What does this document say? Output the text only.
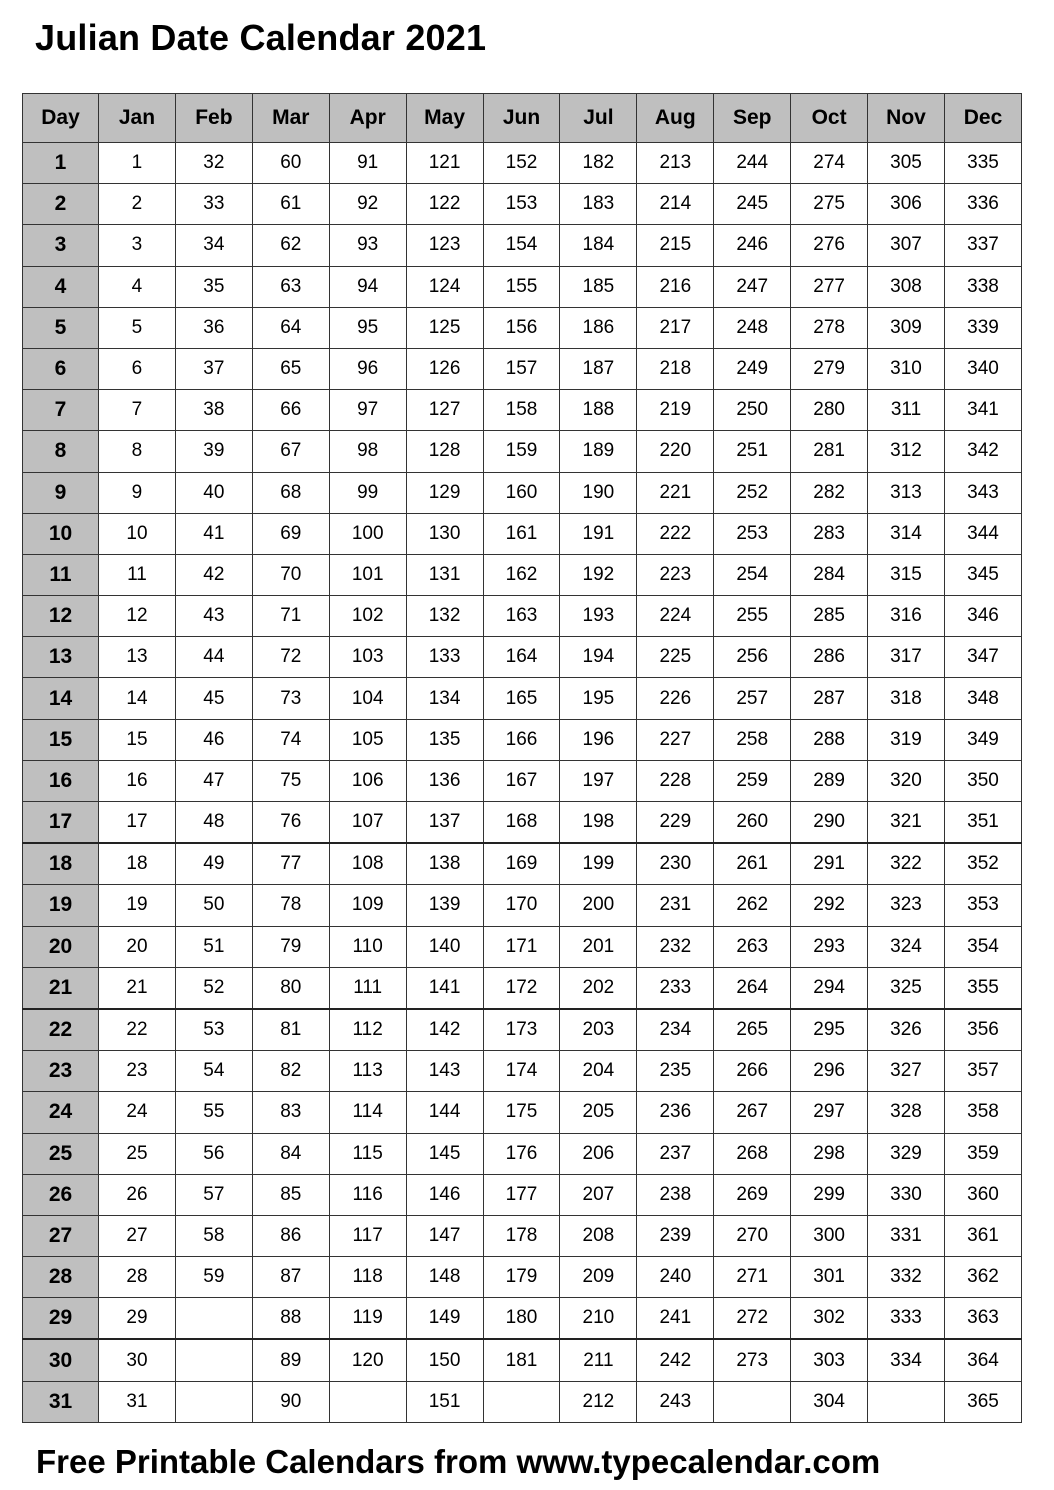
Julian Date Calendar 2021
Day	Jan	Feb	Mar	Apr	May	Jun	Jul	Aug	Sep	Oct	Nov	Dec
1	1	32	60	91	121	152	182	213	244	274	305	335
2	2	33	61	92	122	153	183	214	245	275	306	336
3	3	34	62	93	123	154	184	215	246	276	307	337
4	4	35	63	94	124	155	185	216	247	277	308	338
5	5	36	64	95	125	156	186	217	248	278	309	339
6	6	37	65	96	126	157	187	218	249	279	310	340
7	7	38	66	97	127	158	188	219	250	280	311	341
8	8	39	67	98	128	159	189	220	251	281	312	342
9	9	40	68	99	129	160	190	221	252	282	313	343
10	10	41	69	100	130	161	191	222	253	283	314	344
11	11	42	70	101	131	162	192	223	254	284	315	345
12	12	43	71	102	132	163	193	224	255	285	316	346
13	13	44	72	103	133	164	194	225	256	286	317	347
14	14	45	73	104	134	165	195	226	257	287	318	348
15	15	46	74	105	135	166	196	227	258	288	319	349
16	16	47	75	106	136	167	197	228	259	289	320	350
17	17	48	76	107	137	168	198	229	260	290	321	351
18	18	49	77	108	138	169	199	230	261	291	322	352
19	19	50	78	109	139	170	200	231	262	292	323	353
20	20	51	79	110	140	171	201	232	263	293	324	354
21	21	52	80	111	141	172	202	233	264	294	325	355
22	22	53	81	112	142	173	203	234	265	295	326	356
23	23	54	82	113	143	174	204	235	266	296	327	357
24	24	55	83	114	144	175	205	236	267	297	328	358
25	25	56	84	115	145	176	206	237	268	298	329	359
26	26	57	85	116	146	177	207	238	269	299	330	360
27	27	58	86	117	147	178	208	239	270	300	331	361
28	28	59	87	118	148	179	209	240	271	301	332	362
29	29		88	119	149	180	210	241	272	302	333	363
30	30		89	120	150	181	211	242	273	303	334	364
31	31		90		151		212	243		304		365
Free Printable Calendars from www.typecalendar.com
